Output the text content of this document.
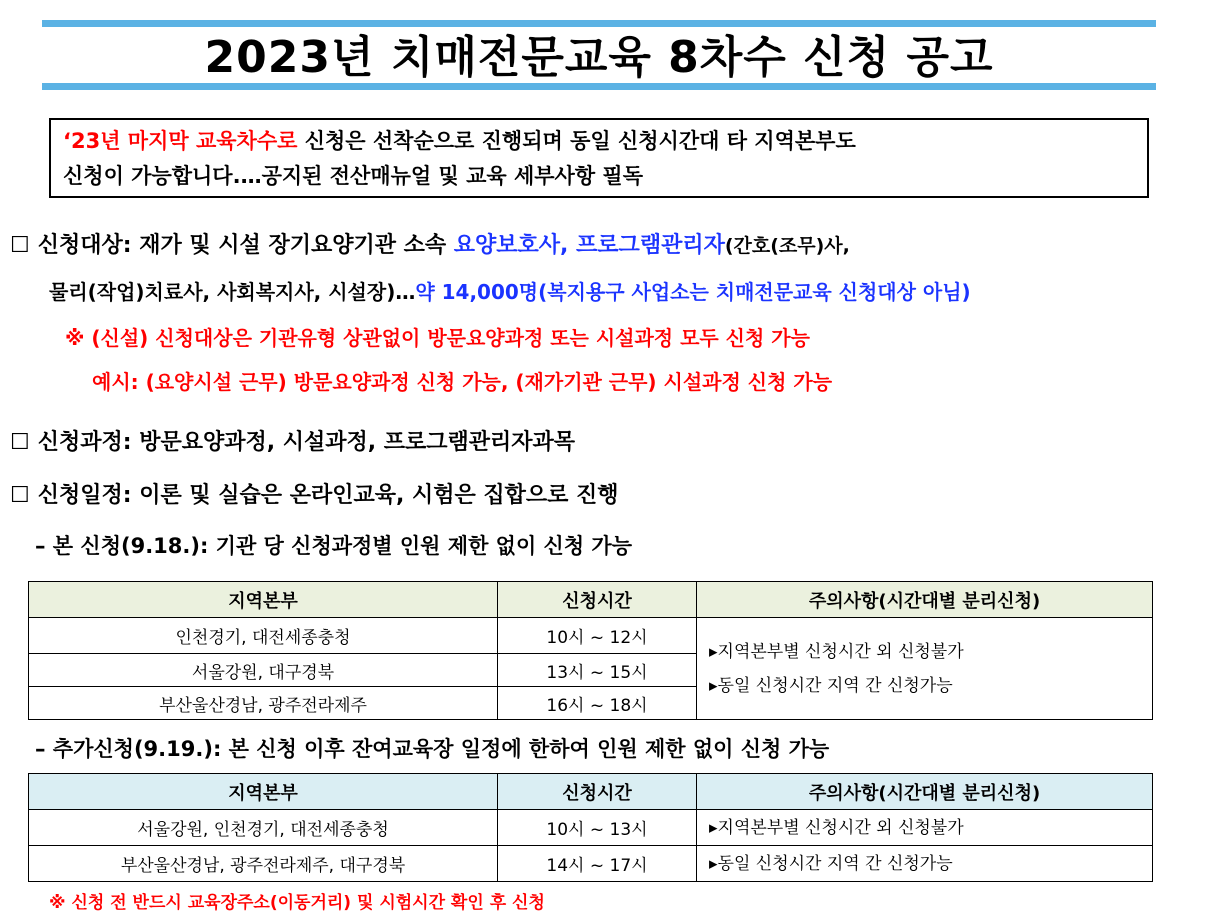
2023년 치매전문교육 8차수 신청 공고
‘23년 마지막 교육차수로 신청은 선착순으로 진행되며 동일 신청시간대 타 지역본부도
신청이 가능합니다.…공지된 전산매뉴얼 및 교육 세부사항 필독
☐ 신청대상: 재가 및 시설 장기요양기관 소속 요양보호사, 프로그램관리자(간호(조무)사,
물리(작업)치료사, 사회복지사, 시설장)…약 14,000명(복지용구 사업소는 치매전문교육 신청대상 아님)
※ (신설) 신청대상은 기관유형 상관없이 방문요양과정 또는 시설과정 모두 신청 가능
예시: (요양시설 근무) 방문요양과정 신청 가능, (재가기관 근무) 시설과정 신청 가능
☐ 신청과정: 방문요양과정, 시설과정, 프로그램관리자과목
☐ 신청일정: 이론 및 실습은 온라인교육, 시험은 집합으로 진행
– 본 신청(9.18.): 기관 당 신청과정별 인원 제한 없이 신청 가능
지역본부	신청시간	주의사항(시간대별 분리신청)
인천경기, 대전세종충청	10시 ~ 12시	▸지역본부별 신청시간 외 신청불가
▸동일 신청시간 지역 간 신청가능

서울강원, 대구경북	13시 ~ 15시	
부산울산경남, 광주전라제주	16시 ~ 18시	
– 추가신청(9.19.): 본 신청 이후 잔여교육장 일정에 한하여 인원 제한 없이 신청 가능
지역본부	신청시간	주의사항(시간대별 분리신청)
서울강원, 인천경기, 대전세종충청	10시 ~ 13시	▸지역본부별 신청시간 외 신청불가
부산울산경남, 광주전라제주, 대구경북	14시 ~ 17시	▸동일 신청시간 지역 간 신청가능
※ 신청 전 반드시 교육장주소(이동거리) 및 시험시간 확인 후 신청
